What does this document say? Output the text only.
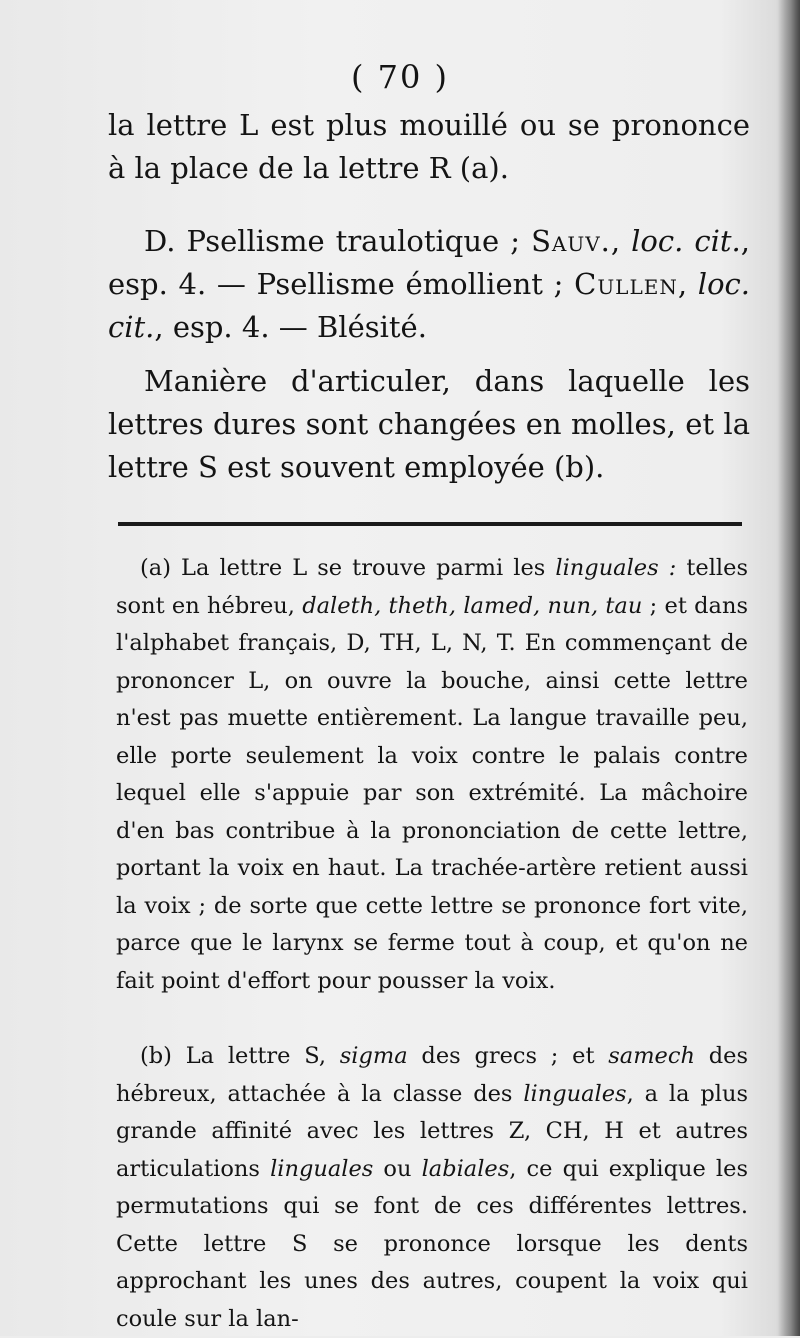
( 70 )

la lettre L est plus mouillé ou se prononce à la place de la lettre R (a).

D. Psellisme traulotique ; Sauv., loc. cit., esp. 4. — Psellisme émollient ; Cullen, loc. cit., esp. 4. — Blésité.

Manière d'articuler, dans laquelle les lettres dures sont changées en molles, et la lettre S est souvent employée (b).

(a) La lettre L se trouve parmi les linguales : telles sont en hébreu, daleth, theth, lamed, nun, tau ; et dans l'alphabet français, D, TH, L, N, T. En commençant de prononcer L, on ouvre la bouche, ainsi cette lettre n'est pas muette entièrement. La langue travaille peu, elle porte seulement la voix contre le palais contre lequel elle s'appuie par son extrémité. La mâchoire d'en bas contribue à la prononciation de cette lettre, portant la voix en haut. La trachée-artère retient aussi la voix ; de sorte que cette lettre se prononce fort vite, parce que le larynx se ferme tout à coup, et qu'on ne fait point d'effort pour pousser la voix.

(b) La lettre S, sigma des grecs ; et samech des hébreux, attachée à la classe des linguales, a la plus grande affinité avec les lettres Z, CH, H et autres articulations linguales ou labiales, ce qui explique les permutations qui se font de ces différentes lettres. Cette lettre S se prononce lorsque les dents approchant les unes des autres, coupent la voix qui coule sur la lan-
